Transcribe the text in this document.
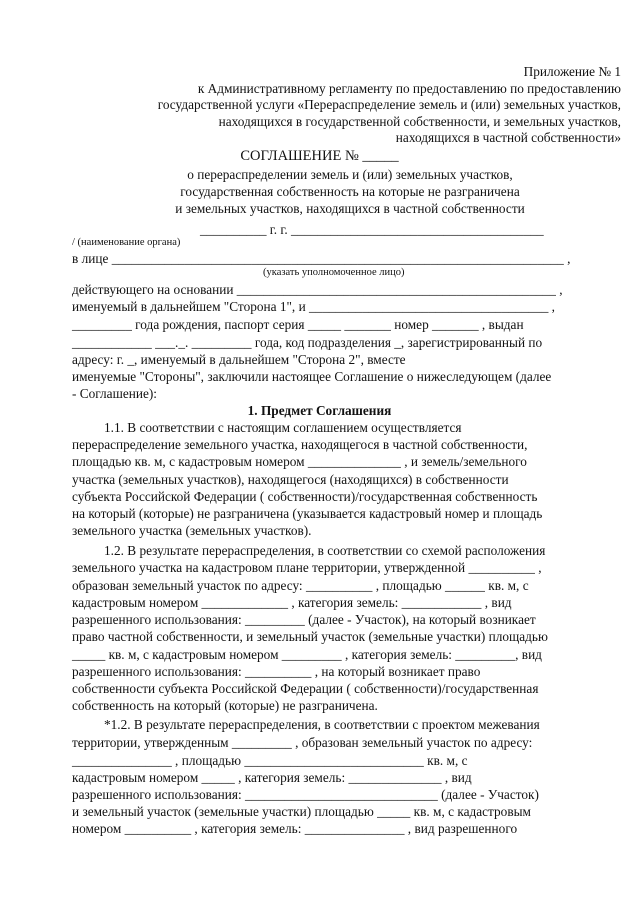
Приложение № 1
к Административному регламенту по предоставлению по предоставлению
государственной услуги «Перераспределение земель и (или) земельных участков,
находящихся в государственной собственности, и земельных участков,
находящихся в частной собственности»
СОГЛАШЕНИЕ № _____
о перераспределении земель и (или) земельных участков,
государственная собственность на которые не разграничена
и земельных участков, находящихся в частной собственности
__________ г. г. ______________________________________
/ (наименование органа)
в лице ____________________________________________________________________ ,
(указать уполномоченное лицо)
действующего на основании ________________________________________________ ,
именуемый в дальнейшем "Сторона 1", и ____________________________________ ,
_________ года рождения, паспорт серия _____ _______ номер _______ , выдан
____________ ___._. _________ года, код подразделения _, зарегистрированный по
адресу: г. _, именуемый в дальнейшем "Сторона 2", вместе
именуемые "Стороны", заключили настоящее Соглашение о нижеследующем (далее
- Соглашение):
1. Предмет Соглашения
1.1. В соответствии с настоящим соглашением осуществляется
перераспределение земельного участка, находящегося в частной собственности,
площадью кв. м, с кадастровым номером ______________ , и земель/земельного
участка (земельных участков), находящегося (находящихся) в собственности
субъекта Российской Федерации ( собственности)/государственная собственность
на который (которые) не разграничена (указывается кадастровый номер и площадь
земельного участка (земельных участков).
1.2. В результате перераспределения, в соответствии со схемой расположения
земельного участка на кадастровом плане территории, утвержденной __________ ,
образован земельный участок по адресу: __________ , площадью ______ кв. м, с
кадастровым номером _____________ , категория земель: ____________ , вид
разрешенного использования: _________ (далее - Участок), на который возникает
право частной собственности, и земельный участок (земельные участки) площадью
_____ кв. м, с кадастровым номером _________ , категория земель: _________, вид
разрешенного использования: __________ , на который возникает право
собственности субъекта Российской Федерации ( собственности)/государственная
собственность на который (которые) не разграничена.
*1.2. В результате перераспределения, в соответствии с проектом межевания
территории, утвержденным _________ , образован земельный участок по адресу:
_______________ , площадью ___________________________ кв. м, с
кадастровым номером _____ , категория земель: ______________ , вид
разрешенного использования: _____________________________ (далее - Участок)
и земельный участок (земельные участки) площадью _____ кв. м, с кадастровым
номером __________ , категория земель: _______________ , вид разрешенного
